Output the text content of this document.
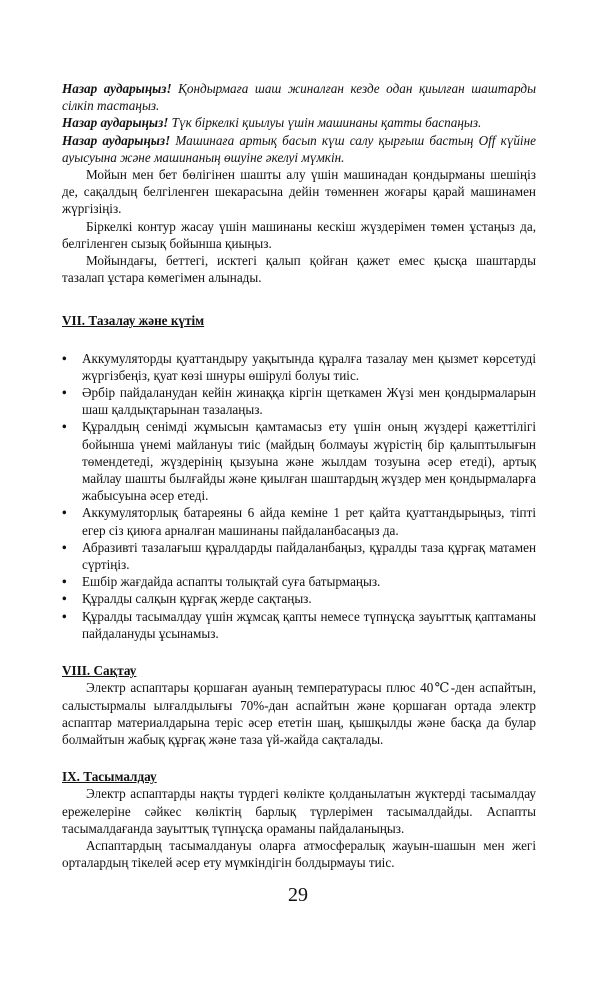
Назар аударыңыз! Қондырмаға шаш жиналған кезде одан қиылған шаштарды сілкіп тастаңыз.

Назар аударыңыз! Түк біркелкі қиылуы үшін машинаны қатты баспаңыз.

Назар аударыңыз! Машинаға артық басып күш салу қырғыш бастың Off күйіне ауысуына және машинаның өшуіне әкелуі мүмкін.

Мойын мен бет бөлігінен шашты алу үшін машинадан қондырманы шешіңіз де, сақалдың белгіленген шекарасына дейін төменнен жоғары қарай машинамен жүргізіңіз.

Біркелкі контур жасау үшін машинаны кескіш жүздерімен төмен ұстаңыз да, белгіленген сызық бойынша қиыңыз.

Мойындағы, беттегі, исктегі қалып қойған қажет емес қысқа шаштарды тазалап ұстара көмегімен алынады.

VII. Тазалау және күтім
•	Аккумуляторды қуаттандыру уақытында құралға тазалау мен қызмет көрсетуді жүргізбеңіз, қуат көзі шнуры өшірулі болуы тиіс.
•	Әрбір пайдаланудан кейін жинаққа кіргін щеткамен Жүзі мен қондырмаларын шаш қалдықтарынан тазалаңыз.
•	Құралдың сенімді жұмысын қамтамасыз ету үшін оның жүздері қажеттілігі бойынша үнемі майлануы тиіс (майдың болмауы жүрістің бір қалыптылығын төмендетеді, жүздерінің қызуына және жылдам тозуына әсер етеді), артық майлау шашты былғайды және қиылған шаштардың жүздер мен қондырмаларға жабысуына әсер етеді.
•	Аккумуляторлық батареяны 6 айда кеміне 1 рет қайта қуаттандырыңыз, тіпті егер сіз қиюға арналған машинаны пайдаланбасаңыз да.
•	Абразивті тазалағыш құралдарды пайдаланбаңыз, құралды таза құрғақ матамен сүртіңіз.
•	Ешбір жағдайда аспапты толықтай суға батырмаңыз.
•	Құралды салқын құрғақ жерде сақтаңыз.
•	Құралды тасымалдау үшін жұмсақ қапты немесе түпнұсқа зауыттық қаптаманы пайдалануды ұсынамыз.
VIII. Сақтау

Электр аспаптары қоршаған ауаның температурасы плюс 40℃-ден аспайтын, салыстырмалы ылғалдылығы 70%-дан аспайтын және қоршаған ортада электр аспаптар материалдарына теріс әсер ететін шаң, қышқылды және басқа да булар болмайтын жабық құрғақ және таза үй-жайда сақталады.

IX. Тасымалдау

Электр аспаптарды нақты түрдегі көлікте қолданылатын жүктерді тасымалдау ережелеріне сәйкес көліктің барлық түрлерімен тасымалдайды. Аспапты тасымалдағанда зауыттық түпнұсқа ораманы пайдаланыңыз.

Аспаптардың тасымалдануы оларға атмосфералық жауын-шашын мен жегі орталардың тікелей әсер ету мүмкіндігін болдырмауы тиіс.

29
